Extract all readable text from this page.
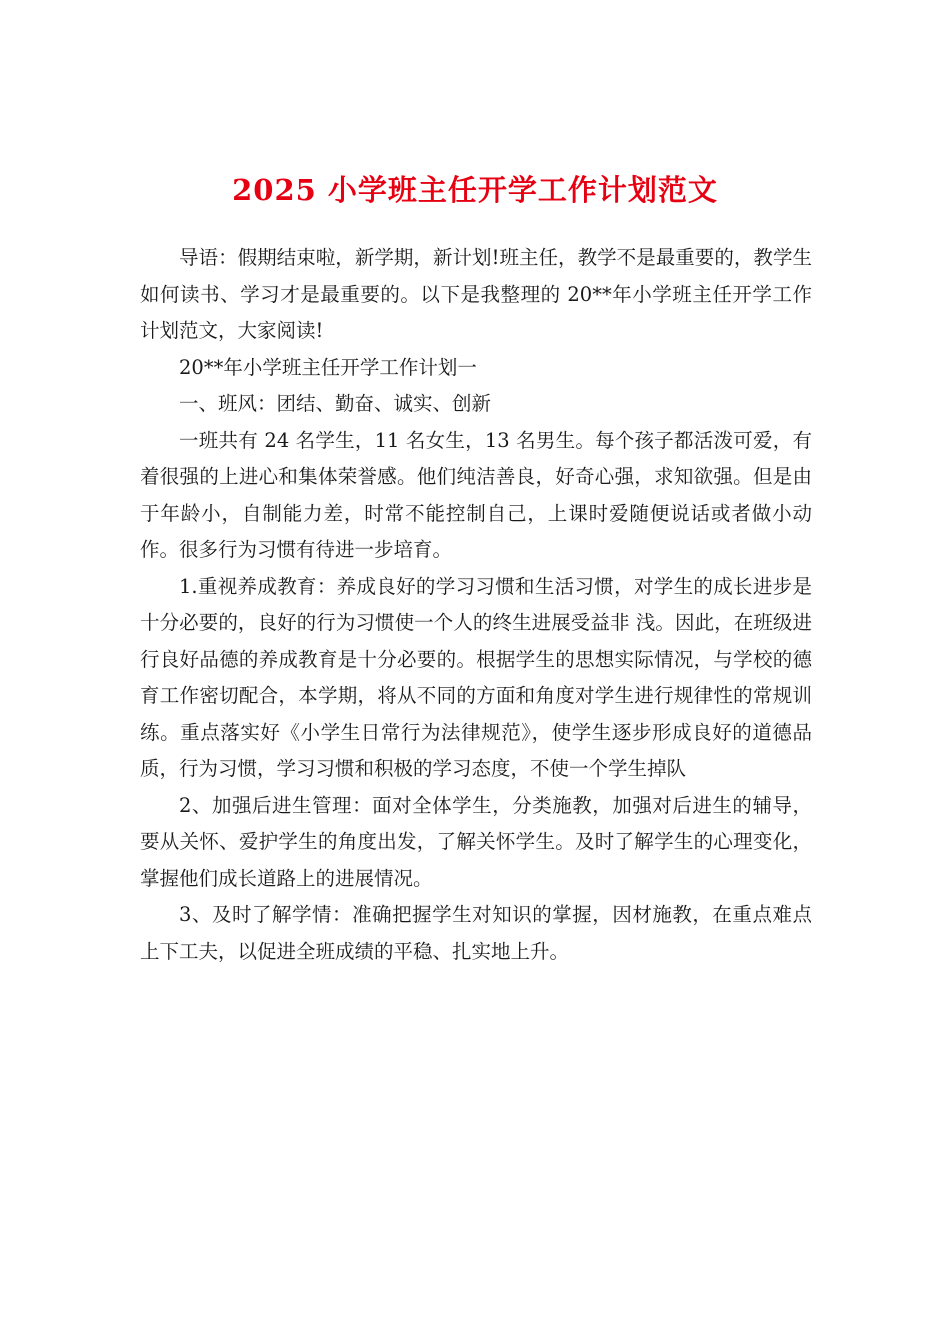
2025 小学班主任开学工作计划范文

导语：假期结束啦，新学期，新计划!班主任，教学不是最重要的，教学生如何读书、学习才是最重要的。以下是我整理的 20**年小学班主任开学工作计划范文，大家阅读!

20**年小学班主任开学工作计划一

一、班风：团结、勤奋、诚实、创新

一班共有 24 名学生，11 名女生，13 名男生。每个孩子都活泼可爱，有着很强的上进心和集体荣誉感。他们纯洁善良，好奇心强，求知欲强。但是由于年龄小，自制能力差，时常不能控制自己，上课时爱随便说话或者做小动作。很多行为习惯有待进一步培育。

1.重视养成教育：养成良好的学习习惯和生活习惯，对学生的成长进步是十分必要的，良好的行为习惯使一个人的终生进展受益非 浅。因此，在班级进行良好品德的养成教育是十分必要的。根据学生的思想实际情况，与学校的德育工作密切配合，本学期，将从不同的方面和角度对学生进行规律性的常规训练。重点落实好《小学生日常行为法律规范》，使学生逐步形成良好的道德品质，行为习惯，学习习惯和积极的学习态度，不使一个学生掉队

2、加强后进生管理：面对全体学生，分类施教，加强对后进生的辅导，要从关怀、爱护学生的角度出发，了解关怀学生。及时了解学生的心理变化，掌握他们成长道路上的进展情况。

3、及时了解学情：准确把握学生对知识的掌握，因材施教，在重点难点上下工夫，以促进全班成绩的平稳、扎实地上升。
